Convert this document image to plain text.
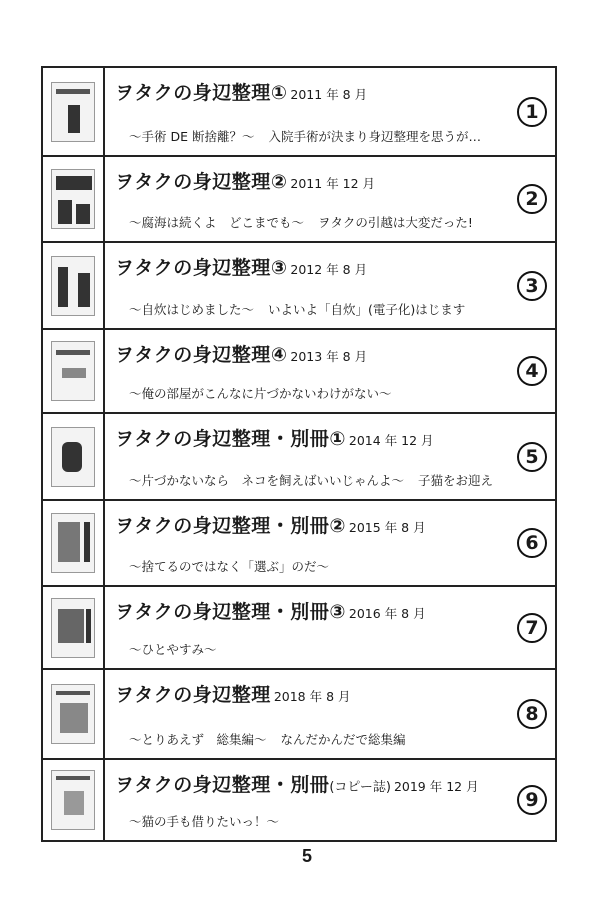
ヲタクの身辺整理① 2011 年 8 月
～手術 DE 断捨離？～ 入院手術が決まり身辺整理を思うが…
1
ヲタクの身辺整理② 2011 年 12 月
～腐海は続くよ　どこまでも～ ヲタクの引越は大変だった!
2
ヲタクの身辺整理③ 2012 年 8 月
～自炊はじめました～ いよいよ「自炊」(電子化)はじます
3
ヲタクの身辺整理④ 2013 年 8 月
～俺の部屋がこんなに片づかないわけがない～
4
ヲタクの身辺整理・別冊① 2014 年 12 月
～片づかないなら　ネコを飼えばいいじゃんよ～ 子猫をお迎え
5
ヲタクの身辺整理・別冊② 2015 年 8 月
～捨てるのではなく「選ぶ」のだ～
6
ヲタクの身辺整理・別冊③ 2016 年 8 月
～ひとやすみ～
7
ヲタクの身辺整理 2018 年 8 月
～とりあえず　総集編～ なんだかんだで総集編
8
ヲタクの身辺整理・別冊(コピー誌) 2019 年 12 月
～猫の手も借りたいっ！～
9
5
